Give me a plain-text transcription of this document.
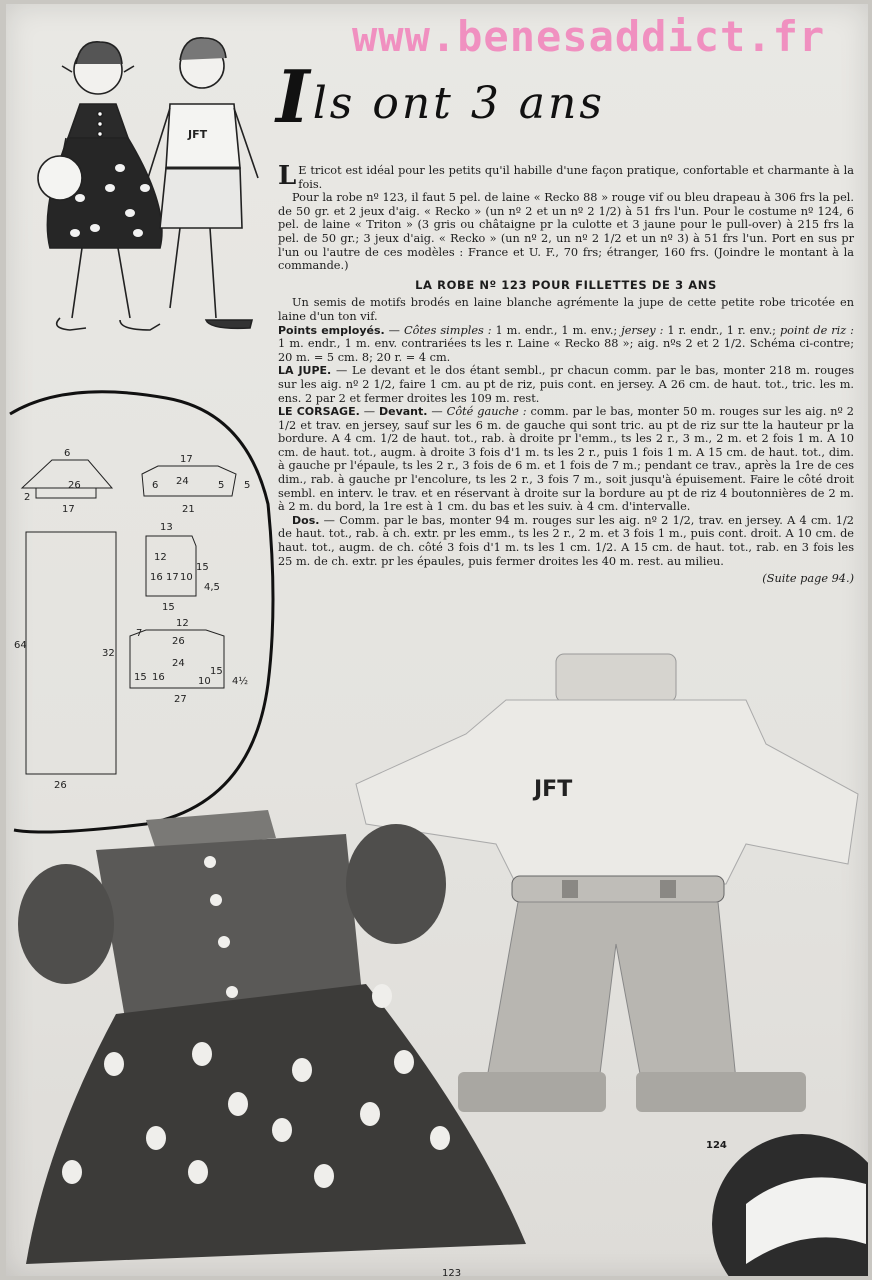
www.benesaddict.fr
JFT Ils ont 3 ans

L E tricot est idéal pour les petits qu'il habille d'une façon pratique, confortable et charmante à la fois.

Pour la robe nº 123, il faut 5 pel. de laine « Recko 88 » rouge vif ou bleu drapeau à 306 frs la pel. de 50 gr. et 2 jeux d'aig. « Recko » (un nº 2 et un nº 2 1/2) à 51 frs l'un. Pour le costume nº 124, 6 pel. de laine « Triton » (3 gris ou châtaigne pr la culotte et 3 jaune pour le pull-over) à 215 frs la pel. de 50 gr.; 3 jeux d'aig. « Recko » (un nº 2, un nº 2 1/2 et un nº 3) à 51 frs l'un. Port en sus pr l'un ou l'autre de ces modèles : France et U. F., 70 frs; étranger, 160 frs. (Joindre le montant à la commande.)

LA ROBE Nº 123 POUR FILLETTES DE 3 ANS

Un semis de motifs brodés en laine blanche agrémente la jupe de cette petite robe tricotée en laine d'un ton vif.

Points employés. — Côtes simples : 1 m. endr., 1 m. env.; jersey : 1 r. endr., 1 r. env.; point de riz : 1 m. endr., 1 m. env. contrariées ts les r. Laine « Recko 88 »; aig. nºs 2 et 2 1/2. Schéma ci-contre; 20 m. = 5 cm. 8; 20 r. = 4 cm.

LA JUPE. — Le devant et le dos étant sembl., pr chacun comm. par le bas, monter 218 m. rouges sur les aig. nº 2 1/2, faire 1 cm. au pt de riz, puis cont. en jersey. A 26 cm. de haut. tot., tric. les m. ens. 2 par 2 et fermer droites les 109 m. rest.

LE CORSAGE. — Devant. — Côté gauche : comm. par le bas, monter 50 m. rouges sur les aig. nº 2 1/2 et trav. en jersey, sauf sur les 6 m. de gauche qui sont tric. au pt de riz sur tte la hauteur pr la bordure. A 4 cm. 1/2 de haut. tot., rab. à droite pr l'emm., ts les 2 r., 3 m., 2 m. et 2 fois 1 m. A 10 cm. de haut. tot., augm. à droite 3 fois d'1 m. ts les 2 r., puis 1 fois 1 m. A 15 cm. de haut. tot., dim. à gauche pr l'épaule, ts les 2 r., 3 fois de 6 m. et 1 fois de 7 m.; pendant ce trav., après la 1re de ces dim., rab. à gauche pr l'encolure, ts les 2 r., 3 fois 7 m., soit jusqu'à épuisement. Faire le côté droit sembl. en interv. le trav. et en réservant à droite sur la bordure au pt de riz 4 boutonnières de 2 m. à 2 m. du bord, la 1re est à 1 cm. du bas et les suiv. à 4 cm. d'intervalle.

Dos. — Comm. par le bas, monter 94 m. rouges sur les aig. nº 2 1/2, trav. en jersey. A 4 cm. 1/2 de haut. tot., rab. à ch. extr. pr les emm., ts les 2 r., 2 m. et 3 fois 1 m., puis cont. droit. A 10 cm. de haut. tot., augm. de ch. côté 3 fois d'1 m. ts les 1 cm. 1/2. A 15 cm. de haut. tot., rab. en 3 fois les 25 m. de ch. extr. pr les épaules, puis fermer droites les 40 m. rest. au milieu.

(Suite page 94.)

6
26
2
17
17
24
6	5 5
21
64
32
26
13
12
16 17 10
15
4,5
15
12
26
24
7
15 16
15
10 4½
27
JFT
124
123
